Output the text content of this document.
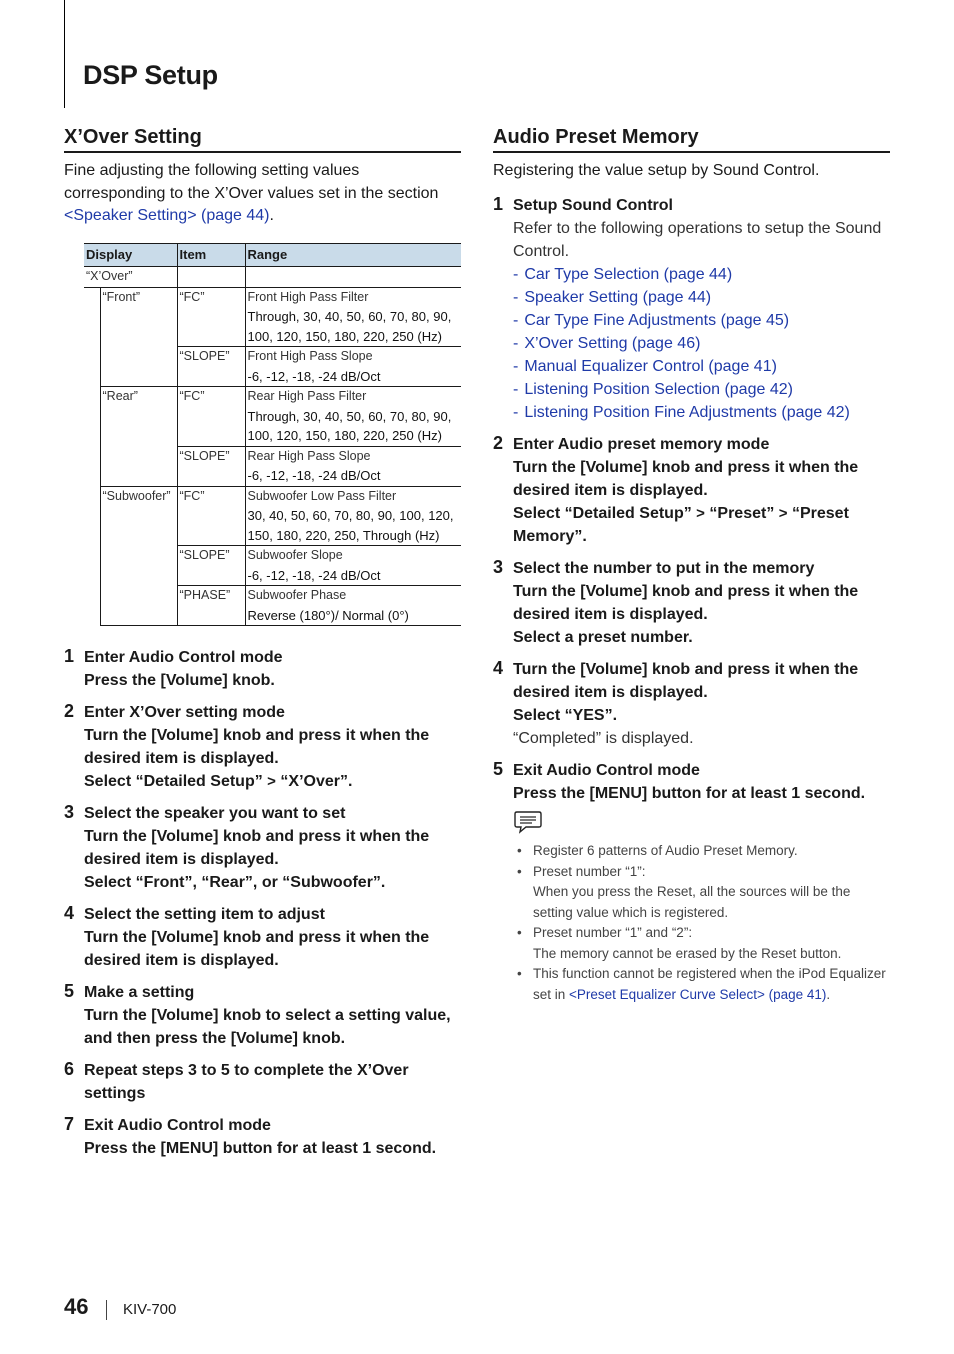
DSP Setup
X’Over Setting

Fine adjusting the following setting values corresponding to the X’Over values set in the section <Speaker Setting> (page 44).

Display		Item	Range
“X’Over”			
	“Front”	“FC”	Front High Pass Filter
Through, 30, 40, 50, 60, 70, 80, 90, 100, 120, 150, 180, 220, 250 (Hz)
		“SLOPE”	Front High Pass Slope
-6, -12, -18, -24 dB/Oct
	“Rear”	“FC”	Rear High Pass Filter
Through, 30, 40, 50, 60, 70, 80, 90, 100, 120, 150, 180, 220, 250 (Hz)
		“SLOPE”	Rear High Pass Slope
-6, -12, -18, -24 dB/Oct
	“Subwoofer”	“FC”	Subwoofer Low Pass Filter
30, 40, 50, 60, 70, 80, 90, 100, 120, 150, 180, 220, 250, Through (Hz)
		“SLOPE”	Subwoofer Slope
-6, -12, -18, -24 dB/Oct
		“PHASE”	Subwoofer Phase
Reverse (180°)/ Normal (0°)
1 Enter Audio Control mode
Press the [Volume] knob.
2 Enter X’Over setting mode
Turn the [Volume] knob and press it when the desired item is displayed.
Select “Detailed Setup” > “X’Over”.
3 Select the speaker you want to set
Turn the [Volume] knob and press it when the desired item is displayed.
Select “Front”, “Rear”, or “Subwoofer”.
4 Select the setting item to adjust
Turn the [Volume] knob and press it when the desired item is displayed.
5 Make a setting
Turn the [Volume] knob to select a setting value, and then press the [Volume] knob.
6 Repeat steps 3 to 5 to complete the X’Over settings
7 Exit Audio Control mode
Press the [MENU] button for at least 1 second.
Audio Preset Memory

Registering the value setup by Sound Control.

1 Setup Sound Control
Refer to the following operations to setup the Sound Control.
- Car Type Selection (page 44)
- Speaker Setting (page 44)
- Car Type Fine Adjustments (page 45)
- X’Over Setting (page 46)
- Manual Equalizer Control (page 41)
- Listening Position Selection (page 42)
- Listening Position Fine Adjustments (page 42)
2 Enter Audio preset memory mode
Turn the [Volume] knob and press it when the desired item is displayed.
Select “Detailed Setup” > “Preset” > “Preset Memory”.
3 Select the number to put in the memory
Turn the [Volume] knob and press it when the desired item is displayed.
Select a preset number.
4 Turn the [Volume] knob and press it when the desired item is displayed.
Select “YES”.
“Completed” is displayed.
5 Exit Audio Control mode
Press the [MENU] button for at least 1 second.
• Register 6 patterns of Audio Preset Memory.
• Preset number “1”:
When you press the Reset, all the sources will be the setting value which is registered.
• Preset number “1” and “2”:
The memory cannot be erased by the Reset button.
• This function cannot be registered when the iPod Equalizer set in <Preset Equalizer Curve Select> (page 41).
46 KIV-700
